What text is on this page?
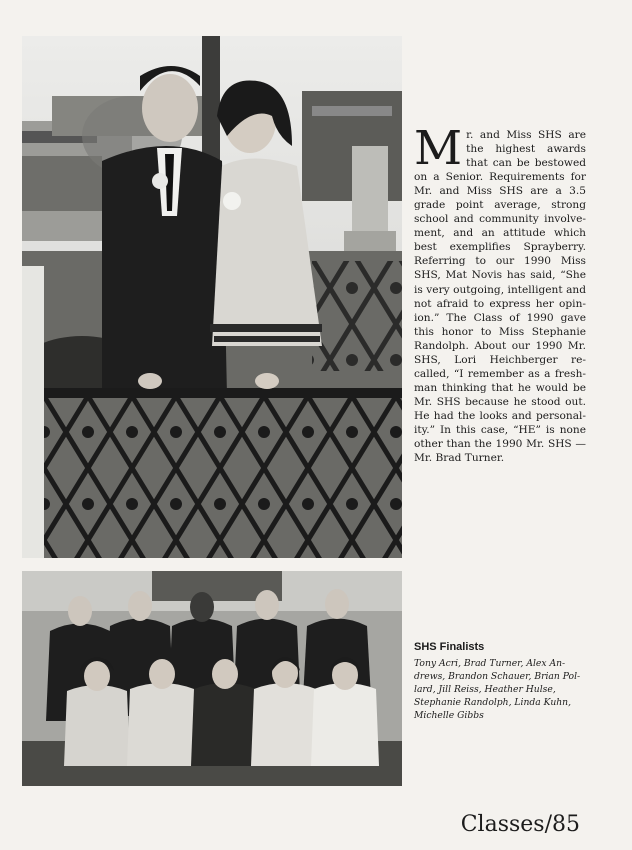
Mr. and Miss SHS are the highest awards that can be bestowed on a Senior. Requirements for Mr. and Miss SHS are a 3.5 grade point average, strong school and community involvement, and an attitude which best exemplifies Sprayberry. Referring to our 1990 Miss SHS, Mat Novis has said, “She is very outgoing, intelligent and not afraid to express her opinion.” The Class of 1990 gave this honor to Miss Stephanie Randolph. About our 1990 Mr. SHS, Lori Heichberger recalled, “I remember as a freshman thinking that he would be Mr. SHS because he stood out. He had the looks and personality.” In this case, “HE” is none other than the 1990 Mr. SHS — Mr. Brad Turner.
SHS Finalists
Tony Acri, Brad Turner, Alex Andrews, Brandon Schauer, Brian Pollard, Jill Reiss, Heather Hulse, Stephanie Randolph, Linda Kuhn, Michelle Gibbs
Classes/85
